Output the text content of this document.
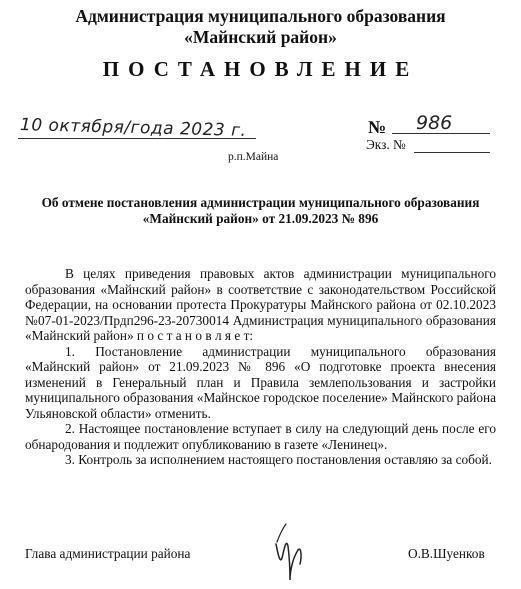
Администрация муниципального образования
«Майнский район»
ПОСТАНОВЛЕНИЕ
10 октября/года 2023 г.	№ 986
Экз. №
р.п.Майна
Об отмене постановления администрации муниципального образования
«Майнский район» от 21.09.2023 № 896

В целях приведения правовых актов администрации муниципального образования «Майнский район» в соответствие с законодательством Российской Федерации, на основании протеста Прокуратуры Майнского района от 02.10.2023 №07-01-2023/Прдп296-23-20730014 Администрация муниципального образования «Майнский район» п о с т а н о в л я е т:

1. Постановление администрации муниципального образования «Майнский район» от 21.09.2023 № 896 «О подготовке проекта внесения изменений в Генеральный план и Правила землепользования и застройки муниципального образования «Майнское городское поселение» Майнского района Ульяновской области» отменить.

2. Настоящее постановление вступает в силу на следующий день после его обнародования и подлежит опубликованию в газете «Ленинец».

3. Контроль за исполнением настоящего постановления оставляю за собой.

Глава администрации района	О.В.Шуенков
